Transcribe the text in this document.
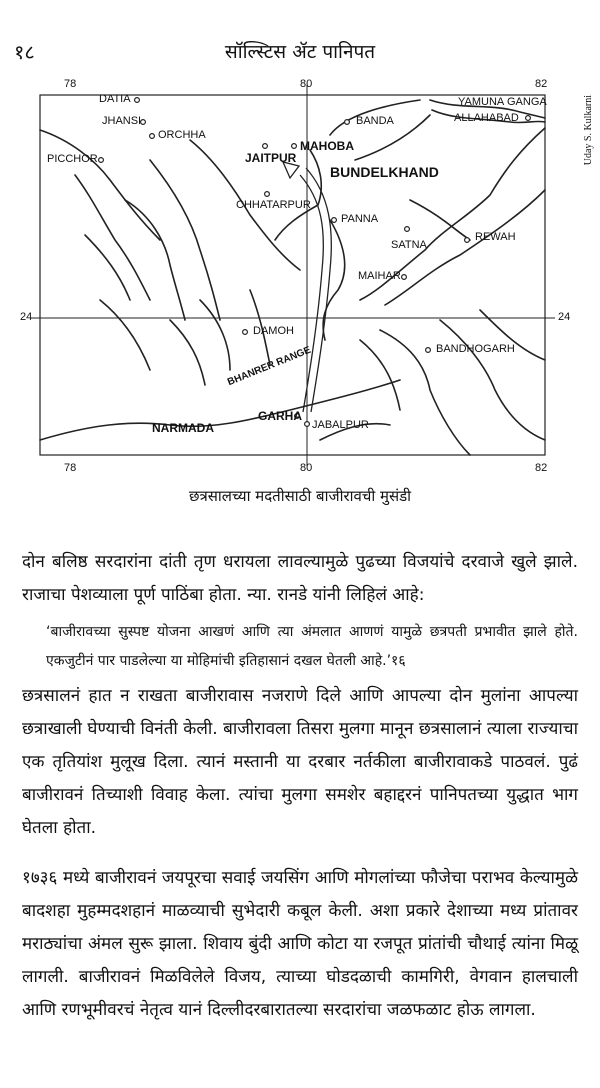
१८	सॉल्स्टिस ॲट पानिपत
78	80	82
78	80	82
24	24
DATIA
JHANSI
ORCHHA
PICCHOR	JAITPUR
MAHOBA
BANDA
YAMUNA GANGA
ALLAHABAD
BUNDELKHAND
CHHATARPUR
PANNA
SATNA
REWAH
MAIHAR
DAMOH
BANDHOGARH
BHANRER RANGE
NARMADA
GARHA
JABALPUR
Uday S. Kulkarni
छत्रसालच्या मदतीसाठी बाजीरावची मुसंडी
दोन बलिष्ठ सरदारांना दांती तृण धरायला लावल्यामुळे पुढच्या विजयांचे दरवाजे खुले झाले. राजाचा पेशव्याला पूर्ण पाठिंबा होता. न्या. रानडे यांनी लिहिलं आहे:
‘बाजीरावच्या सुस्पष्ट योजना आखणं आणि त्या अंमलात आणणं यामुळे छत्रपती प्रभावीत झाले होते. एकजुटीनं पार पाडलेल्या या मोहिमांची इतिहासानं दखल घेतली आहे.’१६
छत्रसालनं हात न राखता बाजीरावास नजराणे दिले आणि आपल्या दोन मुलांना आपल्या छत्राखाली घेण्याची विनंती केली. बाजीरावला तिसरा मुलगा मानून छत्रसालानं त्याला राज्याचा एक तृतियांश मुलूख दिला. त्यानं मस्तानी या दरबार नर्तकीला बाजीरावाकडे पाठवलं. पुढं बाजीरावनं तिच्याशी विवाह केला. त्यांचा मुलगा समशेर बहाद्दरनं पानिपतच्या युद्धात भाग घेतला होता.
१७३६ मध्ये बाजीरावनं जयपूरचा सवाई जयसिंग आणि मोगलांच्या फौजेचा पराभव केल्यामुळे बादशहा मुहम्मदशहानं माळव्याची सुभेदारी कबूल केली. अशा प्रकारे देशाच्या मध्य प्रांतावर मराठ्यांचा अंमल सुरू झाला. शिवाय बुंदी आणि कोटा या रजपूत प्रांतांची चौथाई त्यांना मिळू लागली. बाजीरावनं मिळविलेले विजय, त्याच्या घोडदळाची कामगिरी, वेगवान हालचाली आणि रणभूमीवरचं नेतृत्व यानं दिल्लीदरबारातल्या सरदारांचा जळफळाट होऊ लागला.
